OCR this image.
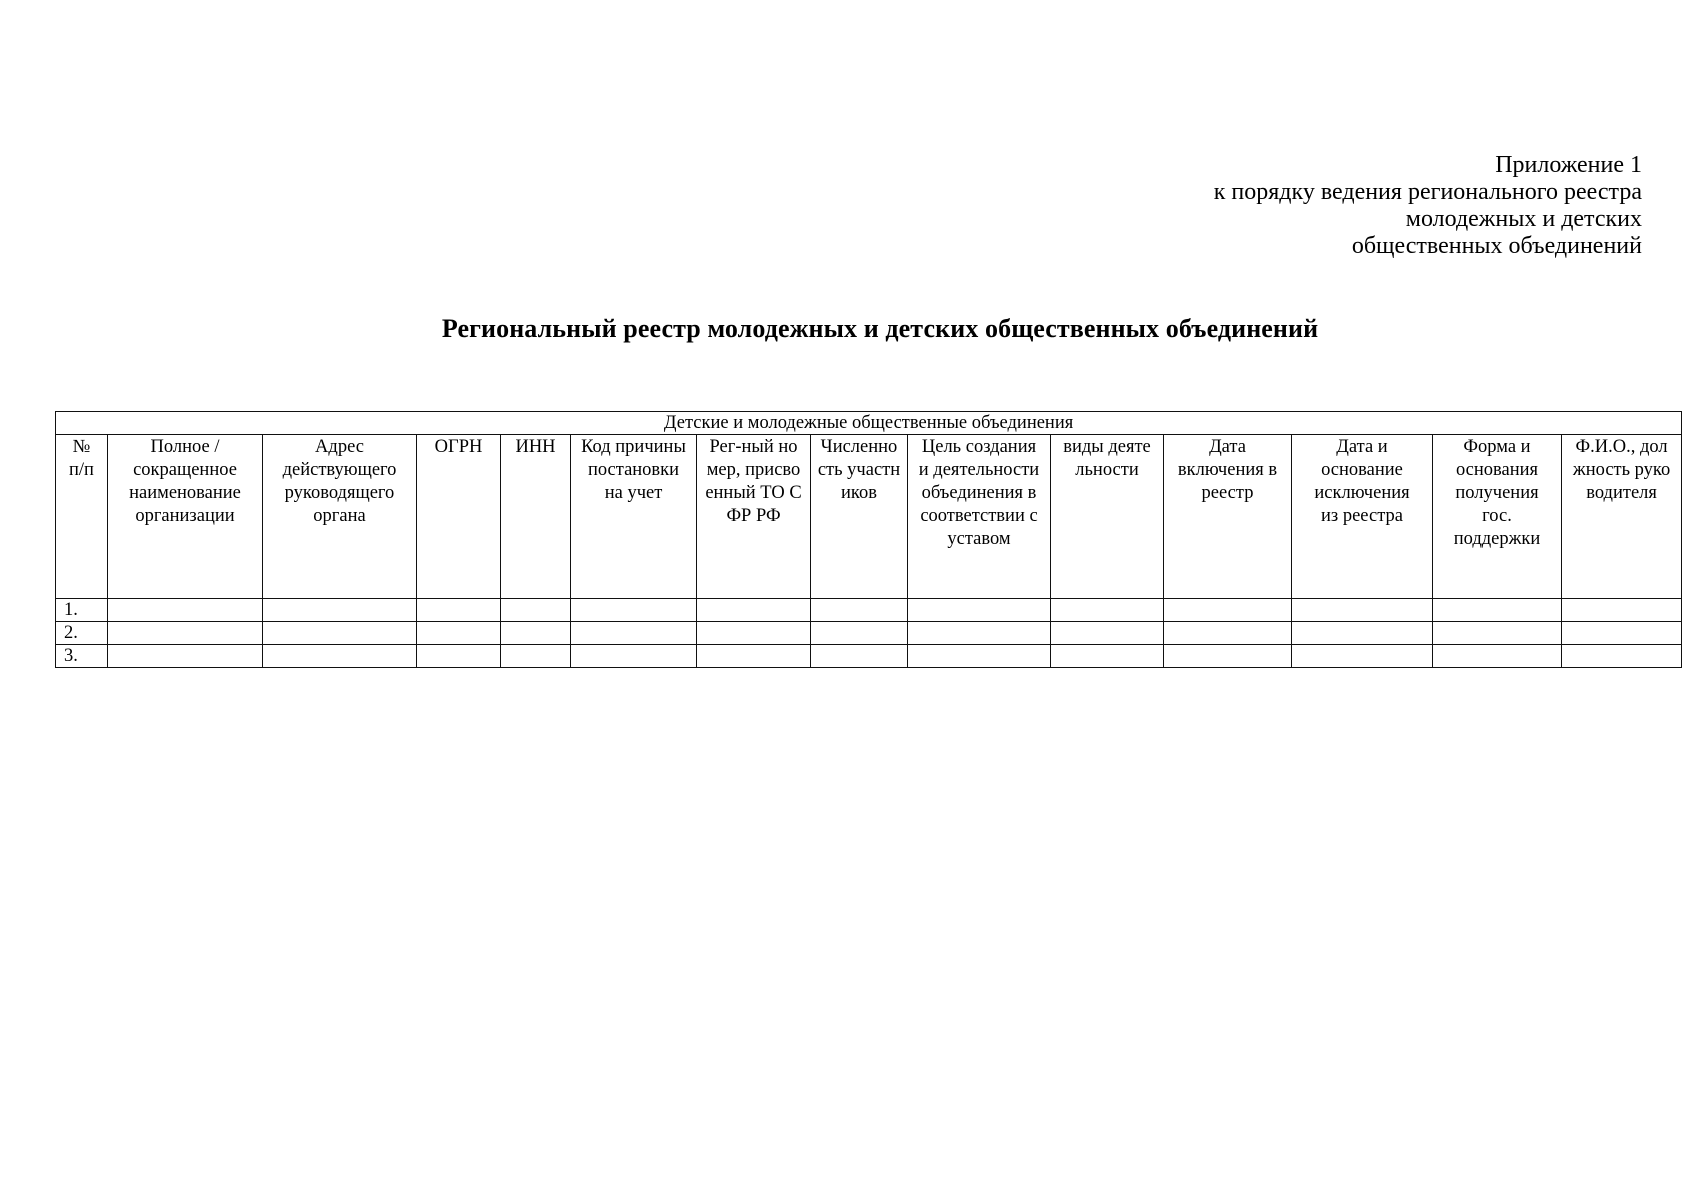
Приложение 1
к порядку ведения регионального реестра
молодежных и детских
общественных объединений
Региональный реестр молодежных и детских общественных объединений
Детские и молодежные общественные объединения													

№ п/п	Полное / сокращенное наименование организации	Адрес действующего руководящего органа	ОГРН	ИНН	Код причины постановки на учет	Рег-ный номер, присвоенный ТО СФР РФ	Численность участников	Цель создания и деятельности объединения в соответствии с уставом	виды деятельности	Дата включения в реестр	Дата и основание исключения из реестра	Форма и основания получения гос. поддержки	Ф.И.О., должность руководителя

1.													
2.													
3.													
